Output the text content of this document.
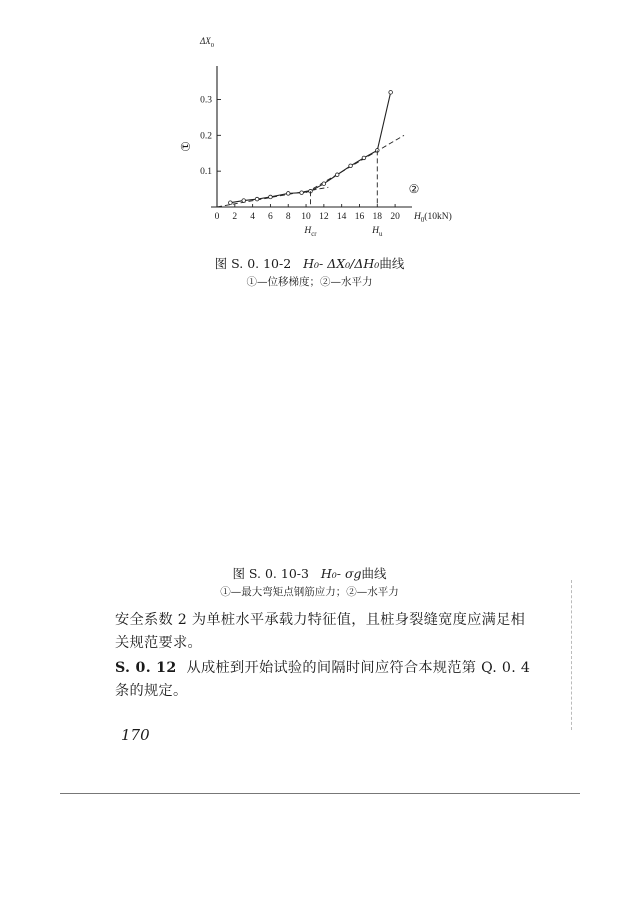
0 2 4 6 8 10 12 14 16 18 20
0.1
0.2
0.3
$H_0(10kN)$
①
②
$H_{cr}$	$H_u$
$\Delta X_0$
图 S. 0. 10-2 H₀- ΔX₀/ΔH₀曲线
①—位移梯度；②—水平力
图 S. 0. 10-3 H₀- σg曲线
①—最大弯矩点钢筋应力；②—水平力
安全系数 2 为单桩水平承载力特征值，且桩身裂缝宽度应满足相
关规范要求。
S. 0. 12 从成桩到开始试验的间隔时间应符合本规范第 Q. 0. 4
条的规定。
170
